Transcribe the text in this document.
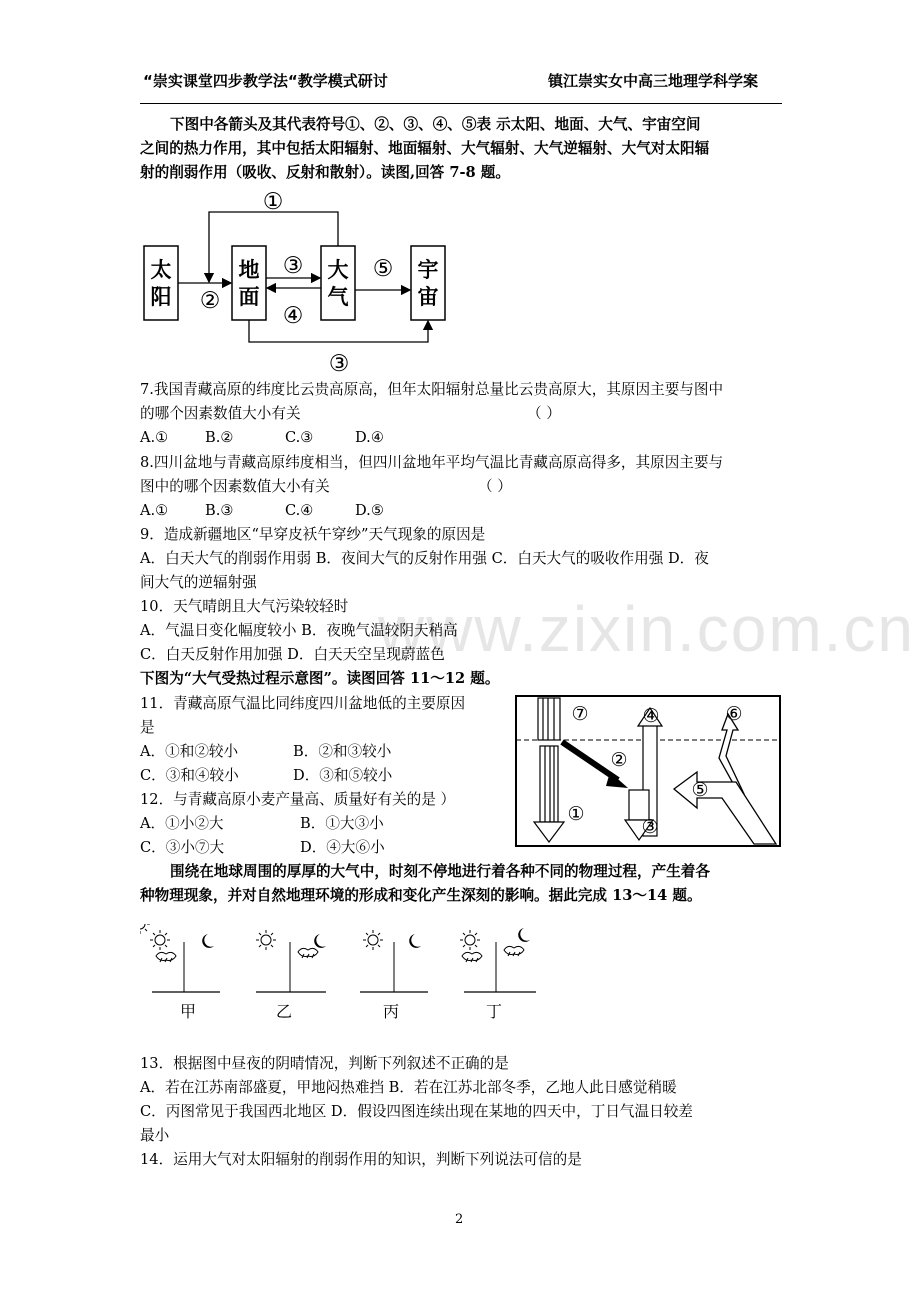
“崇实课堂四步教学法“教学模式研讨	镇江崇实女中高三地理学科学案
www.zixin.com.cn
下图中各箭头及其代表符号①、②、③、④、⑤表 示太阳、地面、大气、宇宙空间
之间的热力作用，其中包括太阳辐射、地面辐射、大气辐射、大气逆辐射、大气对太阳辐
射的削弱作用（吸收、反射和散射）。读图,回答 7-8 题。
太
阳
地
面
大
气
宇
宙
①
②
③
④
⑤
③
7.我国青藏高原的纬度比云贵高原高，但年太阳辐射总量比云贵高原大，其原因主要与图中
的哪个因素数值大小有关	（ ）
A.①	B.②	C.③	D.④
8.四川盆地与青藏高原纬度相当，但四川盆地年平均气温比青藏高原高得多，其原因主要与
图中的哪个因素数值大小有关	（ ）
A.①	B.③	C.④	D.⑤
9．造成新疆地区“早穿皮袄午穿纱”天气现象的原因是
A．白天大气的削弱作用弱 B．夜间大气的反射作用强 C．白天大气的吸收作用强 D．夜
间大气的逆辐射强
10．天气晴朗且大气污染较轻时
A．气温日变化幅度较小 B．夜晚气温较阴天稍高
C．白天反射作用加强 D．白天天空呈现蔚蓝色
下图为“大气受热过程示意图”。读图回答 11～12 题。
11．青藏高原气温比同纬度四川盆地低的主要原因
是
A．①和②较小	B．②和③较小
C．③和④较小	D．③和⑤较小
12．与青藏高原小麦产量高、质量好有关的是 ）
A．①小②大	B．①大③小
C．③小⑦大	D．④大⑥小
⑦	④	⑥
②
⑤
①
③
围绕在地球周围的厚厚的大气中，时刻不停地进行着各种不同的物理过程，产生着各
种物理现象，并对自然地理环境的形成和变化产生深刻的影响。据此完成 13～14 题。
甲	乙	丙	丁
13．根据图中昼夜的阴晴情况，判断下列叙述不正确的是
A．若在江苏南部盛夏，甲地闷热难挡 B．若在江苏北部冬季，乙地人此日感觉稍暖
C．丙图常见于我国西北地区 D．假设四图连续出现在某地的四天中，丁日气温日较差
最小
14．运用大气对太阳辐射的削弱作用的知识，判断下列说法可信的是
2
